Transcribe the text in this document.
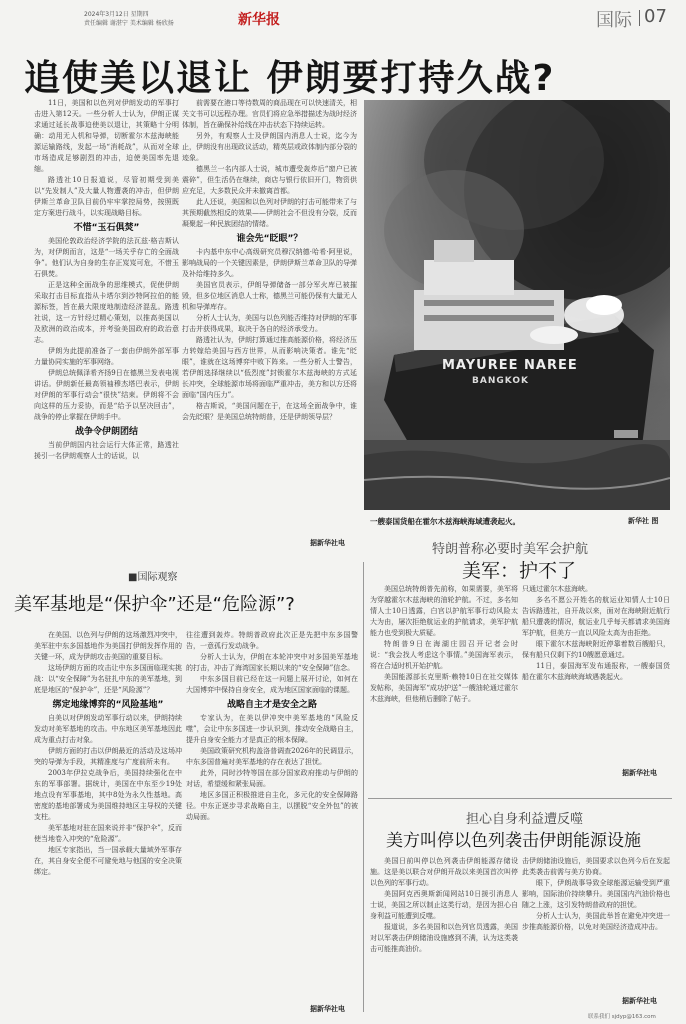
2024年3月12日 星期四
责任编辑 谢湛宁 美术编辑 杨欣扬	新华报	国际 07
追使美以退让 伊朗要打持久战?

11日，美国和以色列对伊朗发动的军事打击进入第12天。一些分析人士认为，伊朗正谋求通过延长战事迫使美以退让，其策略十分明确：动用无人机和导弹，切断霍尔木兹海峡能源运输路线，发起一场“消耗战”，从而对全球市场造成足够剧烈的冲击，迫使美国率先退缩。

路透社10日报道说，尽管初期受到美以“先发制人”及大量人物遭袭的冲击，但伊朗伊斯兰革命卫队目前仍牢牢掌控局势，按照既定方案进行战斗，以实现战略目标。

不惜“玉石俱焚”

美国伦敦政治经济学院的法瓦兹·格吉斯认为，对伊朗而言，这是“一场关乎存亡的全面战争”。他们认为自身的生存正岌岌可危，不惜玉石俱焚。

正是这种全面战争的思维模式，促使伊朗采取打击目标直指从卡塔尔到沙特阿拉伯的能源标签，旨在最大限度地制造经济混乱。路透社说，这一方针经过精心策划，以推高美国以及欧洲的政治成本，并考验美国政府的政治意志。

伊朗为此提前准备了一套由伊朗外部军事力量协同实施的军事网络。

伊朗总统佩泽希齐扬9日在德黑兰发表电视讲话。伊朗新任最高领袖穆杰塔巴表示，伊朗对伊朗的军事行动会“很快”结束。伊朗将不会向这样的压力妥协，而是“给予以坚决回击”，战争的停止掌握在伊朗手中。

战争令伊朗团结

当前伊朗国内社会运行大体正常，路透社援引一名伊朗观察人士的话说，以

前需要在港口等待数周的商品现在可以快速清关，相关文书可以远程办理。官员们将应急举措描述为战时经济体制，旨在确保补给线在冲击状态下持续运转。

另外，有观察人士及伊朗国内消息人士说，迄今为止，伊朗没有出现政议活动，精英层或政体制内部分裂的迹象。

德黑兰一名内部人士说，城市遭受轰炸后“窗户已被震碎”，但生活仍在继续，商店与银行依旧开门，物资供应充足，大多数民众并未撤离首都。

此人还说，美国和以色列对伊朗的打击可能带来了与其预期截然相反的效果——伊朗社会不但没有分裂，反而凝聚起一种民族团结的情绪。

谁会先“眨眼”？

卡内基中东中心高级研究员穆汉纳德·哈希·阿里说，影响战局的一个关键因素是，伊朗伊斯兰革命卫队的导弹及补给维持多久。

美国官员表示，伊朗导弹储备一部分军火库已被摧毁，但多位地区消息人士称，德黑兰可能仍保有大量无人机和导弹库存。

分析人士认为，美国与以色列能否维持对伊朗的军事打击并获得成果，取决于各自的经济承受力。

路透社认为，伊朗打算通过推高能源价格，将经济压力转嫁给美国与西方世界，从而影响决策者。谁先“眨眼”，谁就在这场博弈中败下阵来。一些分析人士警告，若伊朗选择继续以“低烈度”封锁霍尔木兹海峡的方式延长冲突，全球能源市场将面临严重冲击，美方和以方还将面临“国内压力”。

格吉斯说，“美国问题在于，在这场全面战争中，谁会先眨眼？是美国总统特朗普，还是伊朗领导层？

据新华社电
MAYUREE NAREE
BANGKOK
一艘泰国货船在霍尔木兹海峡海域遭袭起火。	新华社 图
特朗普称必要时美军会护航
美军：护不了

美国总统特朗普先前称，如果需要，美军将为穿越霍尔木兹海峡的油轮护航。不过，多名知情人士10日透露，白宫以护航军事行动风险太大为由，屡次拒绝航运业的护航请求，美军护航能力也受到极大质疑。

特朗普9日在海湖庄园召开记者会时说：“我会找人考虑这个事情。”美国海军表示，将在合适时机开始护航。

美国能源部长克里斯·赖特10日在社交媒体发帖称，美国海军“成功护送”一艘油轮通过霍尔木兹海峡，但他稍后删除了帖子。

只通过霍尔木兹海峡。

多名不愿公开姓名的航运业知情人士10日告诉路透社，自开战以来，面对在海峡附近航行船只遭袭的情况，航运业几乎每天都请求美国海军护航，但美方一直以风险太高为由拒绝。

眼下霍尔木兹海峡附近停靠着数百艘船只，保有船只仅剩下约10艘愿意通过。

11日，泰国海军发布通报称，一艘泰国货船在霍尔木兹海峡海域遇袭起火。

据新华社电
■国际观察
美军基地是“保护伞”还是“危险源”?

在美国、以色列与伊朗的这场激烈冲突中，美军驻中东多国基地作为美国打伊朗发挥作用的关键一环，成为伊朗攻击美国的重要目标。

这场伊朗方面的攻击让中东多国面临现实挑战：以“安全保障”为名驻扎中东的美军基地，到底是地区的“保护伞”，还是“风险源”？

绑定地缘博弈的“风险基地”

自美以对伊朗发动军事行动以来，伊朗持续发动对美军基地的攻击。中东地区美军基地因此成为重点打击对象。

伊朗方面的打击以伊朗最近的活动及这场冲突的导弹为手段，其精准度与广度前所未有。

2003年伊拉克战争后，美国持续强化在中东的军事部署。据统计，美国在中东至少19处地点设有军事基地，其中8处为永久性基地。高密度的基地部署成为美国维持地区主导权的关键支柱。

美军基地对驻在国来说并非“保护伞”，反而使当地卷入冲突的“危险源”。

地区专家指出，当一国承载大量域外军事存在，其自身安全便不可避免地与他国的安全决策绑定。

往往遭到轰炸。特朗普政府此次正是先把中东多国警告，一意孤行发动战争。

分析人士认为，伊朗在本轮冲突中对多国美军基地的打击，冲击了海湾国家长期以来的“安全保障”信念。

中东多国目前已经在这一问题上展开讨论，如何在大国博弈中保持自身安全，成为地区国家面临的课题。

战略自主才是安全之路

专家认为，在美以伊冲突中美军基地的“风险反噬”，会让中东多国进一步认识到，推动安全战略自主，提升自身安全能力才是真正的根本保障。

美国政策研究机构盖洛普调查2026年的民调显示，中东多国普遍对美军基地的存在表达了担忧。

此外，同时沙特等国在部分国家政府推动与伊朗的对话，希望缓和紧张局面。

地区多国正积极推进自主化，多元化的安全保障路径。中东正逐步寻求战略自主，以摆脱“安全外包”的被动局面。

据新华社电
担心自身利益遭反噬
美方叫停以色列袭击伊朗能源设施

美国日前叫停以色列袭击伊朗能源存储设施。这是美以联合对伊朗开战以来美国首次叫停以色列的军事行动。

美国阿克西奥斯新闻网站10日援引消息人士说，美国之所以制止这类行动，是因为担心自身利益可能遭到反噬。

报道说，多名美国和以色列官员透露，美国对以军袭击伊朗储油设施感到不满，认为这类袭击可能推高油价。

击伊朗储油设施后，美国要求以色列今后在发起此类袭击前需与美方协商。

眼下，伊朗战事导致全球能源运输受到严重影响，国际油价持续攀升。美国国内汽油价格也随之上涨，这引发特朗普政府的担忧。

分析人士认为，美国此举旨在避免冲突进一步推高能源价格，以免对美国经济造成冲击。

据新华社电
联系我们 sjdyp@163.com
